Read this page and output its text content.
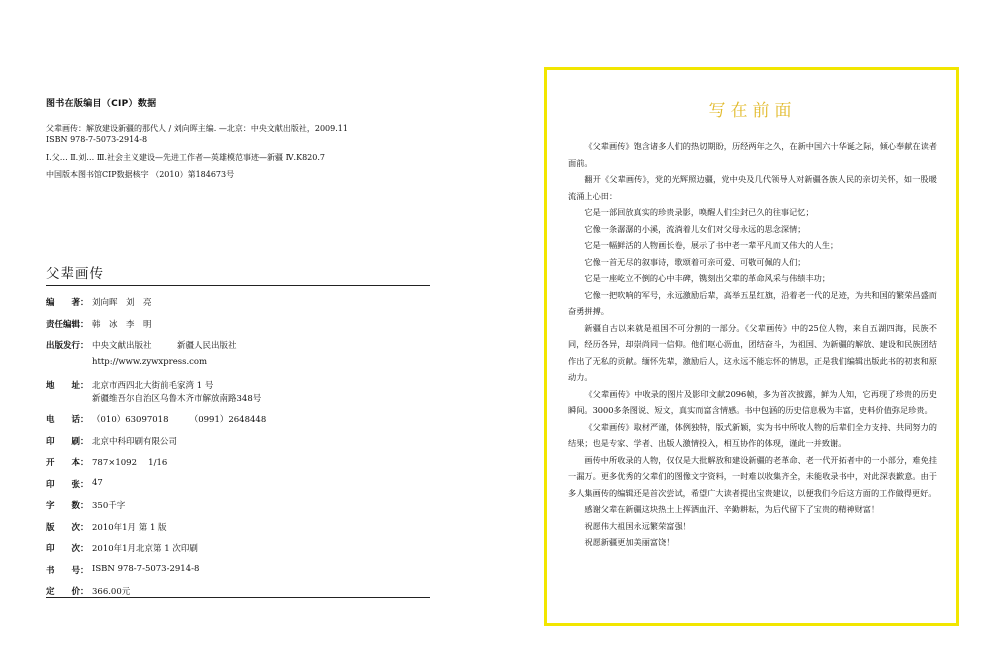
图书在版编目（CIP）数据
父辈画传：解放建设新疆的那代人 / 刘向晖主编. —北京：中央文献出版社，2009.11
ISBN 978-7-5073-2914-8
Ⅰ.父… Ⅱ.刘… Ⅲ.社会主义建设—先进工作者—英雄模范事迹—新疆 Ⅳ.K820.7
中国版本图书馆CIP数据核字 （2010）第184673号
父辈画传
编　　著： 刘向晖　刘　亮
责任编辑： 韩　冰　李　明
出版发行： 中央文献出版社　　　新疆人民出版社
http://www.zywxpress.com
地　　址： 北京市西四北大街前毛家湾 1 号
新疆维吾尔自治区乌鲁木齐市解放南路348号
电　　话： （010）63097018　　　（0991）2648448
印　　刷： 北京中科印刷有限公司
开　　本： 787×1092　 1/16
印　　张： 47
字　　数： 350千字
版　　次： 2010年1月 第 1 版
印　　次： 2010年1月北京第 1 次印刷
书　　号： ISBN 978-7-5073-2914-8
定　　价： 366.00元
写在前面

《父辈画传》饱含诸多人们的热切期盼，历经两年之久，在新中国六十华诞之际，倾心奉献在读者面前。

翻开《父辈画传》，党的光辉照边疆，党中央及几代领导人对新疆各族人民的亲切关怀，如一股暖流涌上心田：

它是一部回放真实的珍贵录影，唤醒人们尘封已久的往事记忆；

它像一条潺潺的小溪，流淌着儿女们对父母永远的思念深情；

它是一幅鲜活的人物画长卷，展示了书中老一辈平凡而又伟大的人生；

它像一首无尽的叙事诗，歌颂着可亲可爱、可敬可佩的人们；

它是一座屹立不倒的心中丰碑，镌刻出父辈的革命风采与伟绩丰功；

它像一把吹响的军号，永远激励后辈，高举五星红旗，沿着老一代的足迹，为共和国的繁荣昌盛而奋勇拼搏。

新疆自古以来就是祖国不可分割的一部分。《父辈画传》中的25位人物，来自五湖四海，民族不同，经历各异，却崇尚同一信仰。他们呕心沥血，团结奋斗，为祖国、为新疆的解放、建设和民族团结作出了无私的贡献。缅怀先辈，激励后人，这永远不能忘怀的情思，正是我们编辑出版此书的初衷和原动力。

《父辈画传》中收录的图片及影印文献2096帧，多为首次披露，鲜为人知，它再现了珍贵的历史瞬间。3000多条图说、短文，真实而富含情感。书中包涵的历史信息极为丰富，史料价值弥足珍贵。

《父辈画传》取材严谨，体例独特，版式新颖，实为书中所收人物的后辈们全力支持、共同努力的结果；也是专家、学者、出版人激情投入，相互协作的体现，谨此一并致谢。

画传中所收录的人物，仅仅是大批解放和建设新疆的老革命、老一代开拓者中的一小部分，难免挂一漏万。更多优秀的父辈们的图像文字资料，一时难以收集齐全，未能收录书中，对此深表歉意。由于多人集画传的编辑还是首次尝试，希望广大读者提出宝贵建议，以便我们今后这方面的工作做得更好。

感谢父辈在新疆这块热土上挥洒血汗、辛勤耕耘，为后代留下了宝贵的精神财富！

祝愿伟大祖国永远繁荣富强！

祝愿新疆更加美丽富饶！
